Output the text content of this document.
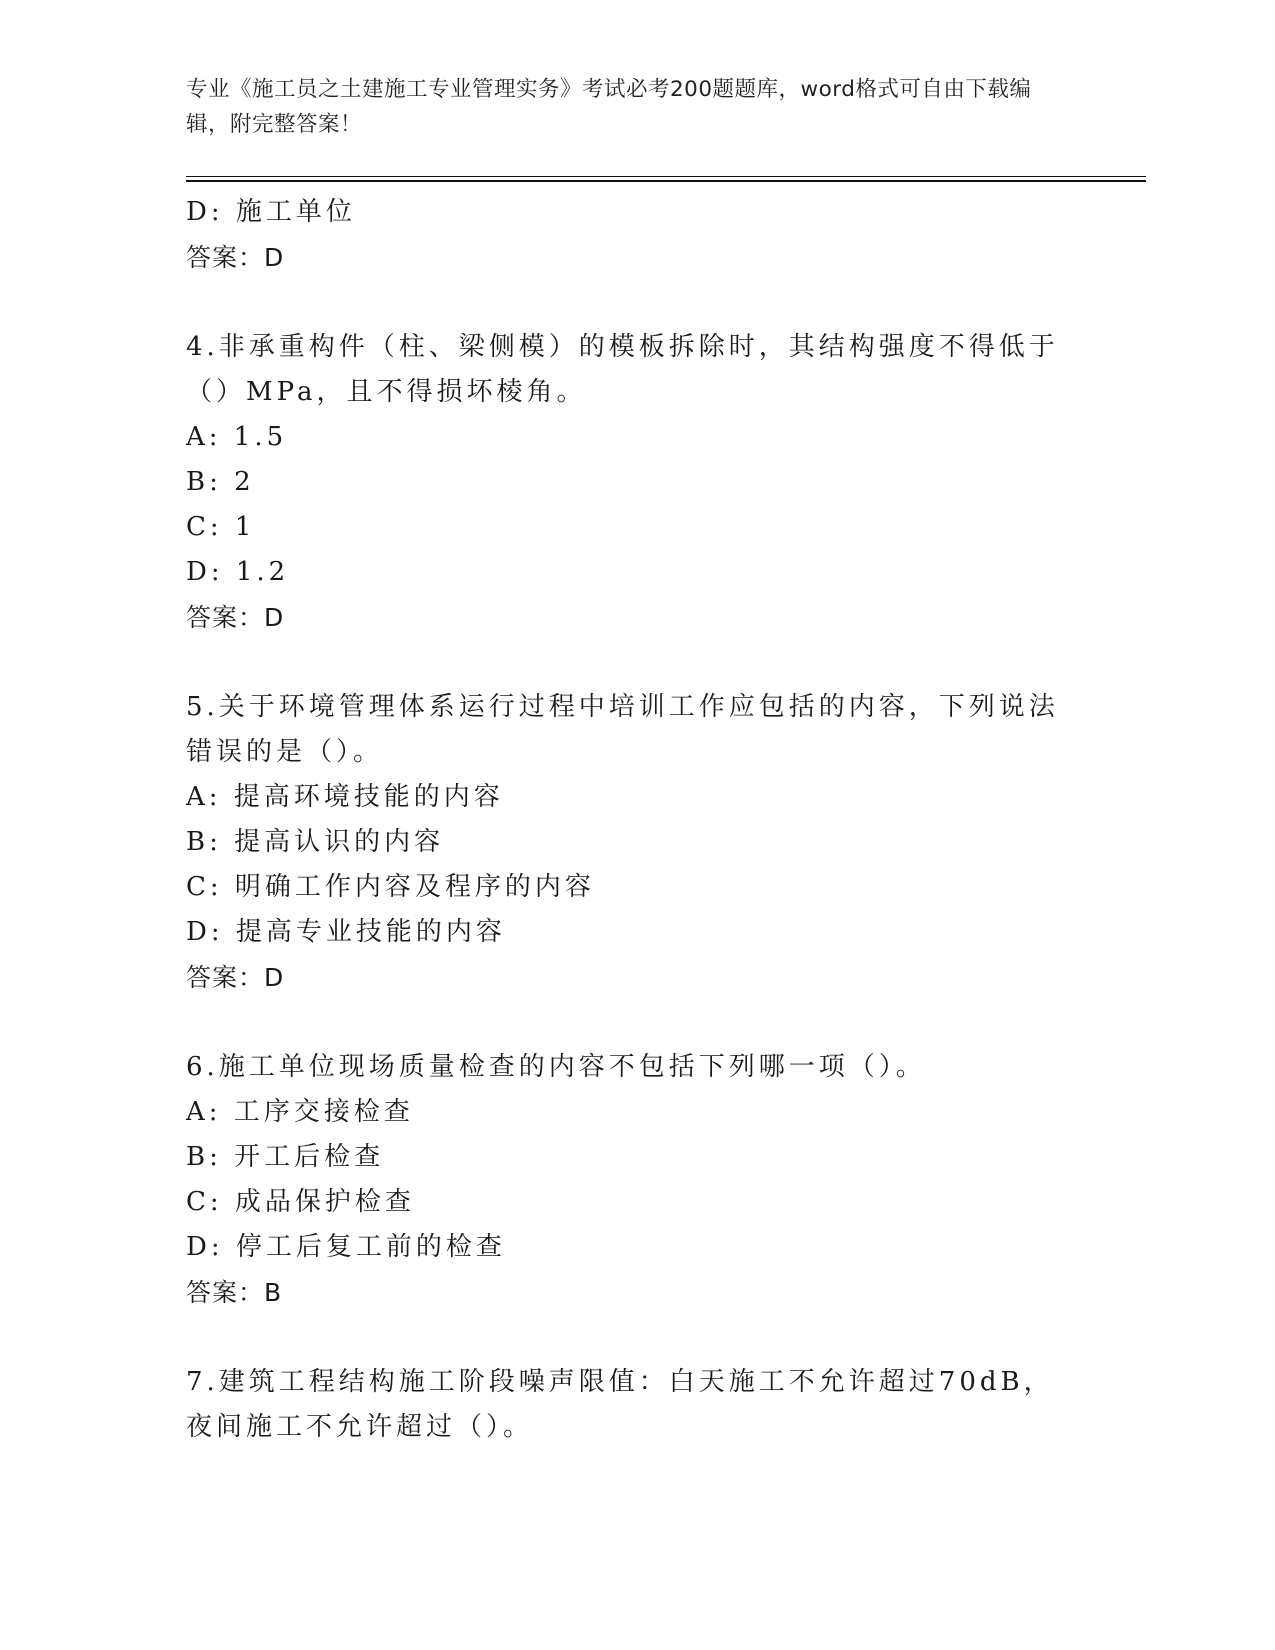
专业《施工员之土建施工专业管理实务》考试必考200题题库，word格式可自由下载编辑，附完整答案！
D: 施工单位
答案：D
4.非承重构件（柱、梁侧模）的模板拆除时，其结构强度不得低于（）MPa，且不得损坏棱角。
A: 1.5
B: 2
C: 1
D: 1.2
答案：D
5.关于环境管理体系运行过程中培训工作应包括的内容，下列说法错误的是（）。
A: 提高环境技能的内容
B: 提高认识的内容
C: 明确工作内容及程序的内容
D: 提高专业技能的内容
答案：D
6.施工单位现场质量检查的内容不包括下列哪一项（）。
A: 工序交接检查
B: 开工后检查
C: 成品保护检查
D: 停工后复工前的检查
答案：B
7.建筑工程结构施工阶段噪声限值：白天施工不允许超过70dB，夜间施工不允许超过（）。
